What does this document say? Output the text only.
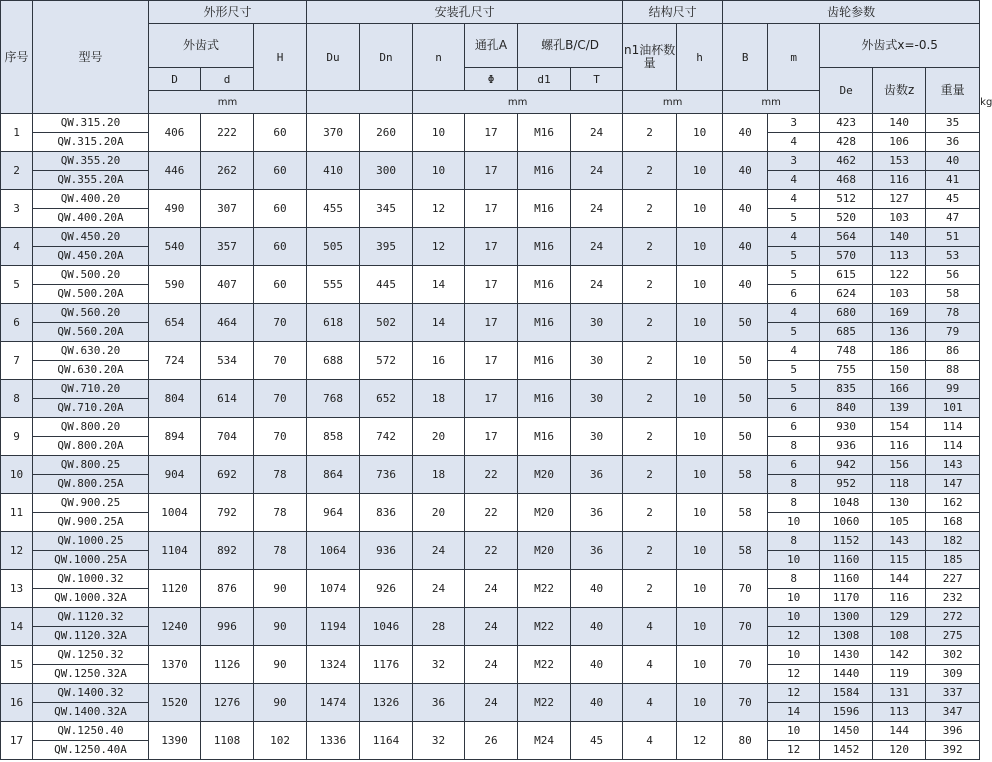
序号	型号	外形尺寸			安装孔尺寸						结构尺寸		齿轮参数					
		外齿式		H	Du	Dn	n	通孔A	螺孔B/C/D		n1油杯数量	h	B	m	外齿式x=-0.5			
		D	d					Φ	d1	T					De	齿数z	重量	
		mm					mm				mm		mm					kg
1	QW.315.20	406	222	60	370	260	10	17	M16	24	2	10	40	3	423	140	35	
	QW.315.20A													4	428	106	36	
2	QW.355.20	446	262	60	410	300	10	17	M16	24	2	10	40	3	462	153	40	
	QW.355.20A													4	468	116	41	
3	QW.400.20	490	307	60	455	345	12	17	M16	24	2	10	40	4	512	127	45	
	QW.400.20A													5	520	103	47	
4	QW.450.20	540	357	60	505	395	12	17	M16	24	2	10	40	4	564	140	51	
	QW.450.20A													5	570	113	53	
5	QW.500.20	590	407	60	555	445	14	17	M16	24	2	10	40	5	615	122	56	
	QW.500.20A													6	624	103	58	
6	QW.560.20	654	464	70	618	502	14	17	M16	30	2	10	50	4	680	169	78	
	QW.560.20A													5	685	136	79	
7	QW.630.20	724	534	70	688	572	16	17	M16	30	2	10	50	4	748	186	86	
	QW.630.20A													5	755	150	88	
8	QW.710.20	804	614	70	768	652	18	17	M16	30	2	10	50	5	835	166	99	
	QW.710.20A													6	840	139	101	
9	QW.800.20	894	704	70	858	742	20	17	M16	30	2	10	50	6	930	154	114	
	QW.800.20A													8	936	116	114	
10	QW.800.25	904	692	78	864	736	18	22	M20	36	2	10	58	6	942	156	143	
	QW.800.25A													8	952	118	147	
11	QW.900.25	1004	792	78	964	836	20	22	M20	36	2	10	58	8	1048	130	162	
	QW.900.25A													10	1060	105	168	
12	QW.1000.25	1104	892	78	1064	936	24	22	M20	36	2	10	58	8	1152	143	182	
	QW.1000.25A													10	1160	115	185	
13	QW.1000.32	1120	876	90	1074	926	24	24	M22	40	2	10	70	8	1160	144	227	
	QW.1000.32A													10	1170	116	232	
14	QW.1120.32	1240	996	90	1194	1046	28	24	M22	40	4	10	70	10	1300	129	272	
	QW.1120.32A													12	1308	108	275	
15	QW.1250.32	1370	1126	90	1324	1176	32	24	M22	40	4	10	70	10	1430	142	302	
	QW.1250.32A													12	1440	119	309	
16	QW.1400.32	1520	1276	90	1474	1326	36	24	M22	40	4	10	70	12	1584	131	337	
	QW.1400.32A													14	1596	113	347	
17	QW.1250.40	1390	1108	102	1336	1164	32	26	M24	45	4	12	80	10	1450	144	396	
	QW.1250.40A													12	1452	120	392	
